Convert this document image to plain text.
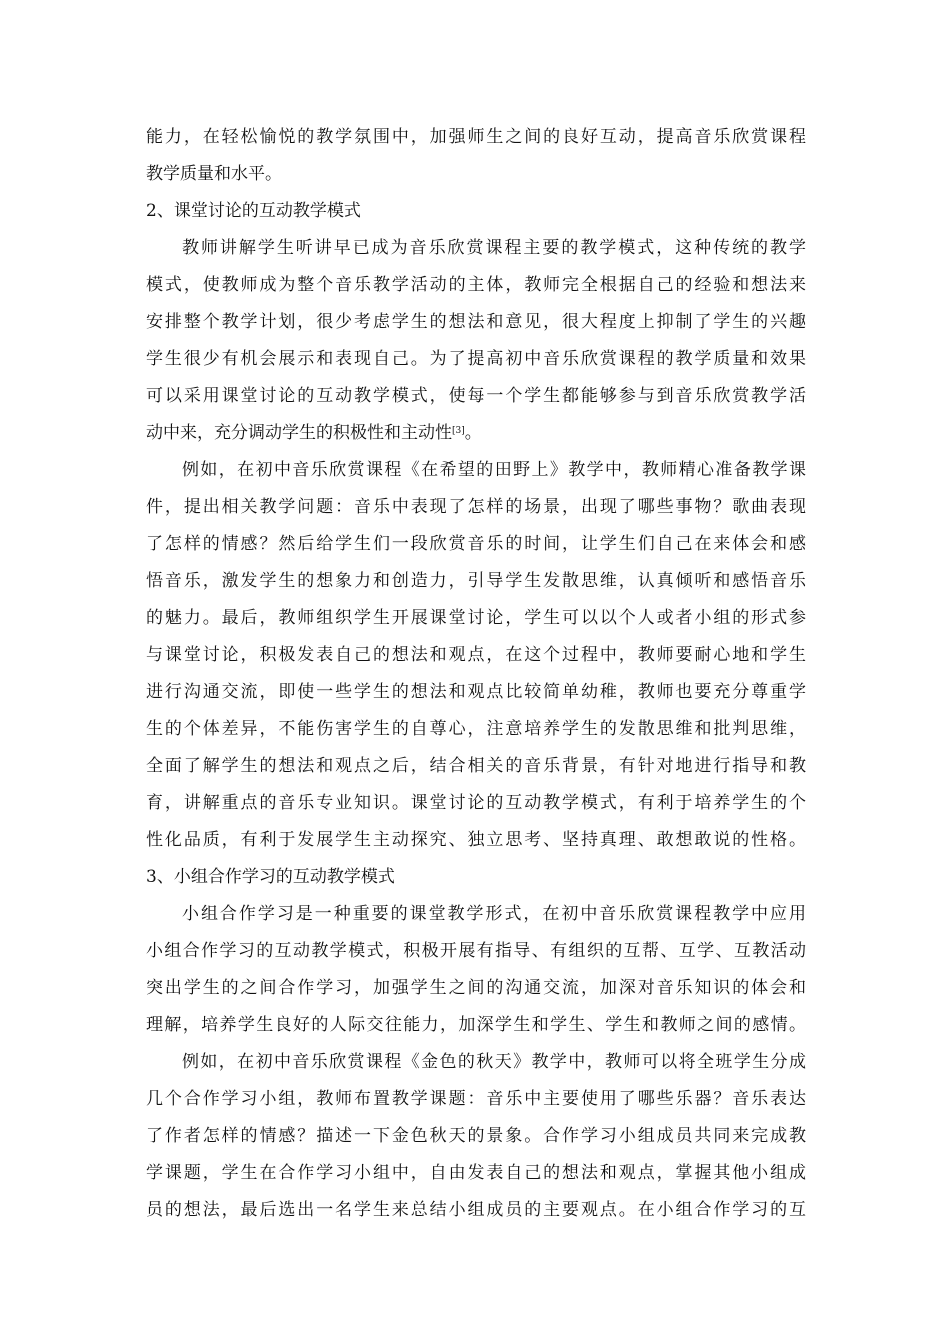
能力，在轻松愉悦的教学氛围中，加强师生之间的良好互动，提高音乐欣赏课程
教学质量和水平。
2、课堂讨论的互动教学模式
教师讲解学生听讲早已成为音乐欣赏课程主要的教学模式，这种传统的教学
模式，使教师成为整个音乐教学活动的主体，教师完全根据自己的经验和想法来
安排整个教学计划，很少考虑学生的想法和意见，很大程度上抑制了学生的兴趣
学生很少有机会展示和表现自己。为了提高初中音乐欣赏课程的教学质量和效果
可以采用课堂讨论的互动教学模式，使每一个学生都能够参与到音乐欣赏教学活
动中来，充分调动学生的积极性和主动性[3]。
例如，在初中音乐欣赏课程《在希望的田野上》教学中，教师精心准备教学课
件，提出相关教学问题：音乐中表现了怎样的场景，出现了哪些事物？歌曲表现
了怎样的情感？然后给学生们一段欣赏音乐的时间，让学生们自己在来体会和感
悟音乐，激发学生的想象力和创造力，引导学生发散思维，认真倾听和感悟音乐
的魅力。最后，教师组织学生开展课堂讨论，学生可以以个人或者小组的形式参
与课堂讨论，积极发表自己的想法和观点，在这个过程中，教师要耐心地和学生
进行沟通交流，即使一些学生的想法和观点比较简单幼稚，教师也要充分尊重学
生的个体差异，不能伤害学生的自尊心，注意培养学生的发散思维和批判思维，
全面了解学生的想法和观点之后，结合相关的音乐背景，有针对地进行指导和教
育，讲解重点的音乐专业知识。课堂讨论的互动教学模式，有利于培养学生的个
性化品质，有利于发展学生主动探究、独立思考、坚持真理、敢想敢说的性格。
3、小组合作学习的互动教学模式
小组合作学习是一种重要的课堂教学形式，在初中音乐欣赏课程教学中应用
小组合作学习的互动教学模式，积极开展有指导、有组织的互帮、互学、互教活动
突出学生的之间合作学习，加强学生之间的沟通交流，加深对音乐知识的体会和
理解，培养学生良好的人际交往能力，加深学生和学生、学生和教师之间的感情。
例如，在初中音乐欣赏课程《金色的秋天》教学中，教师可以将全班学生分成
几个合作学习小组，教师布置教学课题：音乐中主要使用了哪些乐器？音乐表达
了作者怎样的情感？描述一下金色秋天的景象。合作学习小组成员共同来完成教
学课题，学生在合作学习小组中，自由发表自己的想法和观点，掌握其他小组成
员的想法，最后选出一名学生来总结小组成员的主要观点。在小组合作学习的互
